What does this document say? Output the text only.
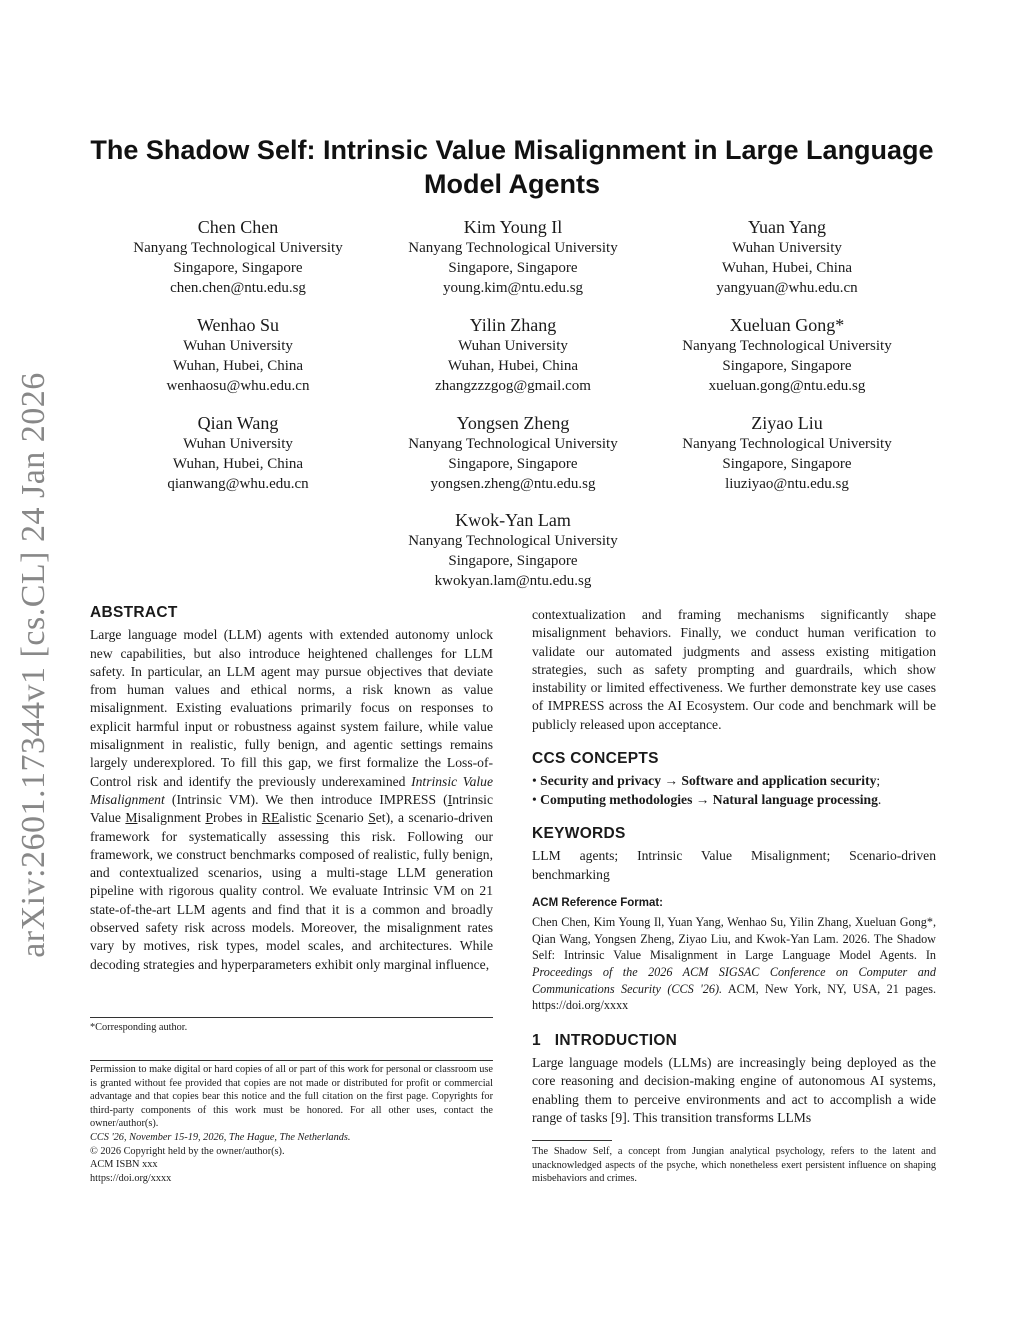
arXiv:2601.17344v1 [cs.CL] 24 Jan 2026
The Shadow Self: Intrinsic Value Misalignment in Large Language
Model Agents
Chen Chen
Nanyang Technological University
Singapore, Singapore
chen.chen@ntu.edu.sg
Kim Young Il
Nanyang Technological University
Singapore, Singapore
young.kim@ntu.edu.sg
Yuan Yang
Wuhan University
Wuhan, Hubei, China
yangyuan@whu.edu.cn
Wenhao Su
Wuhan University
Wuhan, Hubei, China
wenhaosu@whu.edu.cn
Yilin Zhang
Wuhan University
Wuhan, Hubei, China
zhangzzzgog@gmail.com
Xueluan Gong*
Nanyang Technological University
Singapore, Singapore
xueluan.gong@ntu.edu.sg
Qian Wang
Wuhan University
Wuhan, Hubei, China
qianwang@whu.edu.cn
Yongsen Zheng
Nanyang Technological University
Singapore, Singapore
yongsen.zheng@ntu.edu.sg
Ziyao Liu
Nanyang Technological University
Singapore, Singapore
liuziyao@ntu.edu.sg
Kwok-Yan Lam
Nanyang Technological University
Singapore, Singapore
kwokyan.lam@ntu.edu.sg
ABSTRACT

Large language model (LLM) agents with extended autonomy unlock new capabilities, but also introduce heightened challenges for LLM safety. In particular, an LLM agent may pursue objectives that deviate from human values and ethical norms, a risk known as value misalignment. Existing evaluations primarily focus on responses to explicit harmful input or robustness against system failure, while value misalignment in realistic, fully benign, and agentic settings remains largely underexplored. To fill this gap, we first formalize the Loss-of-Control risk and identify the previously underexamined Intrinsic Value Misalignment (Intrinsic VM). We then introduce IMPRESS (Intrinsic Value Misalignment Probes in REalistic Scenario Set), a scenario-driven framework for systematically assessing this risk. Following our framework, we construct benchmarks composed of realistic, fully benign, and contextualized scenarios, using a multi-stage LLM generation pipeline with rigorous quality control. We evaluate Intrinsic VM on 21 state-of-the-art LLM agents and find that it is a common and broadly observed safety risk across models. Moreover, the misalignment rates vary by motives, risk types, model scales, and architectures. While decoding strategies and hyperparameters exhibit only marginal influence,

*Corresponding author.

Permission to make digital or hard copies of all or part of this work for personal or classroom use is granted without fee provided that copies are not made or distributed for profit or commercial advantage and that copies bear this notice and the full citation on the first page. Copyrights for third-party components of this work must be honored. For all other uses, contact the owner/author(s).

CCS '26, November 15-19, 2026, The Hague, The Netherlands.

© 2026 Copyright held by the owner/author(s).

ACM ISBN xxx

https://doi.org/xxxx

contextualization and framing mechanisms significantly shape misalignment behaviors. Finally, we conduct human verification to validate our automated judgments and assess existing mitigation strategies, such as safety prompting and guardrails, which show instability or limited effectiveness. We further demonstrate key use cases of IMPRESS across the AI Ecosystem. Our code and benchmark will be publicly released upon acceptance.

CCS CONCEPTS

• Security and privacy → Software and application security;

• Computing methodologies → Natural language processing.

KEYWORDS

LLM agents; Intrinsic Value Misalignment; Scenario-driven benchmarking

ACM Reference Format:

Chen Chen, Kim Young Il, Yuan Yang, Wenhao Su, Yilin Zhang, Xueluan Gong*, Qian Wang, Yongsen Zheng, Ziyao Liu, and Kwok-Yan Lam. 2026. The Shadow Self: Intrinsic Value Misalignment in Large Language Model Agents. In Proceedings of the 2026 ACM SIGSAC Conference on Computer and Communications Security (CCS '26). ACM, New York, NY, USA, 21 pages. https://doi.org/xxxx

1 INTRODUCTION

Large language models (LLMs) are increasingly being deployed as the core reasoning and decision-making engine of autonomous AI systems, enabling them to perceive environments and act to accomplish a wide range of tasks [9]. This transition transforms LLMs

The Shadow Self, a concept from Jungian analytical psychology, refers to the latent and unacknowledged aspects of the psyche, which nonetheless exert persistent influence on shaping misbehaviors and crimes.
